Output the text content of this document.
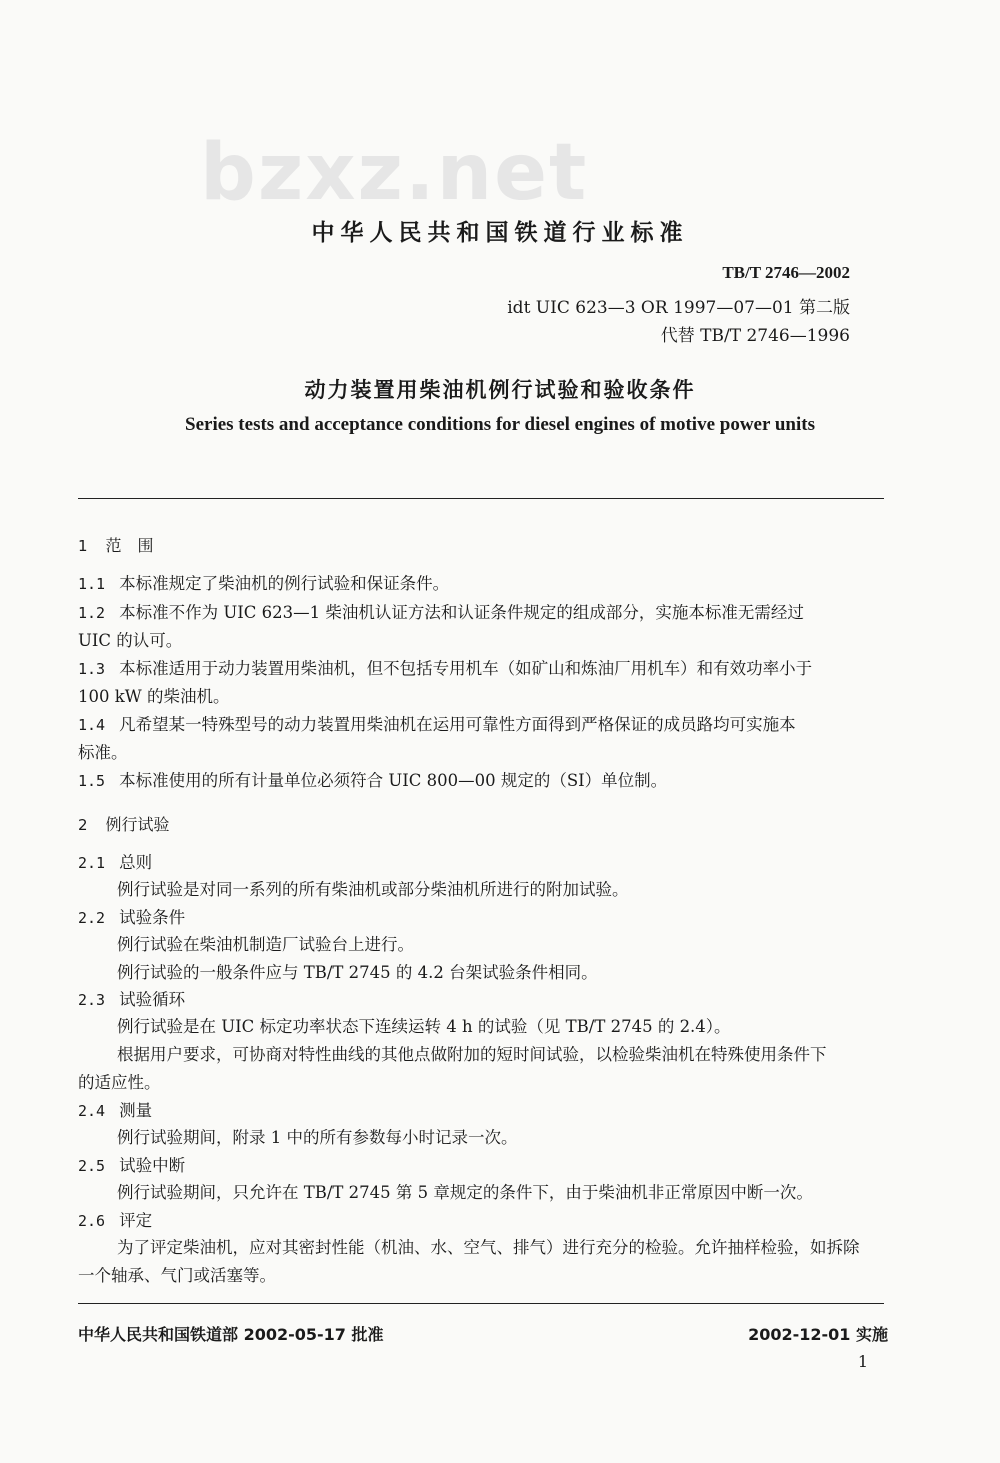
bzxz.net
中华人民共和国铁道行业标准
TB/T 2746—2002
idt UIC 623—3 OR 1997—07—01 第二版
代替 TB/T 2746—1996
动力装置用柴油机例行试验和验收条件
Series tests and acceptance conditions for diesel engines of motive power units
1 范　围
1.1 本标准规定了柴油机的例行试验和保证条件。
1.2 本标准不作为 UIC 623—1 柴油机认证方法和认证条件规定的组成部分，实施本标准无需经过
UIC 的认可。
1.3 本标准适用于动力装置用柴油机，但不包括专用机车（如矿山和炼油厂用机车）和有效功率小于
100 kW 的柴油机。
1.4 凡希望某一特殊型号的动力装置用柴油机在运用可靠性方面得到严格保证的成员路均可实施本
标准。
1.5 本标准使用的所有计量单位必须符合 UIC 800—00 规定的（SI）单位制。
2 例行试验
2.1 总则
例行试验是对同一系列的所有柴油机或部分柴油机所进行的附加试验。
2.2 试验条件
例行试验在柴油机制造厂试验台上进行。
例行试验的一般条件应与 TB/T 2745 的 4.2 台架试验条件相同。
2.3 试验循环
例行试验是在 UIC 标定功率状态下连续运转 4 h 的试验（见 TB/T 2745 的 2.4）。
根据用户要求，可协商对特性曲线的其他点做附加的短时间试验，以检验柴油机在特殊使用条件下
的适应性。
2.4 测量
例行试验期间，附录 1 中的所有参数每小时记录一次。
2.5 试验中断
例行试验期间，只允许在 TB/T 2745 第 5 章规定的条件下，由于柴油机非正常原因中断一次。
2.6 评定
为了评定柴油机，应对其密封性能（机油、水、空气、排气）进行充分的检验。允许抽样检验，如拆除
一个轴承、气门或活塞等。
中华人民共和国铁道部 2002-05-17 批准	2002-12-01 实施
1
